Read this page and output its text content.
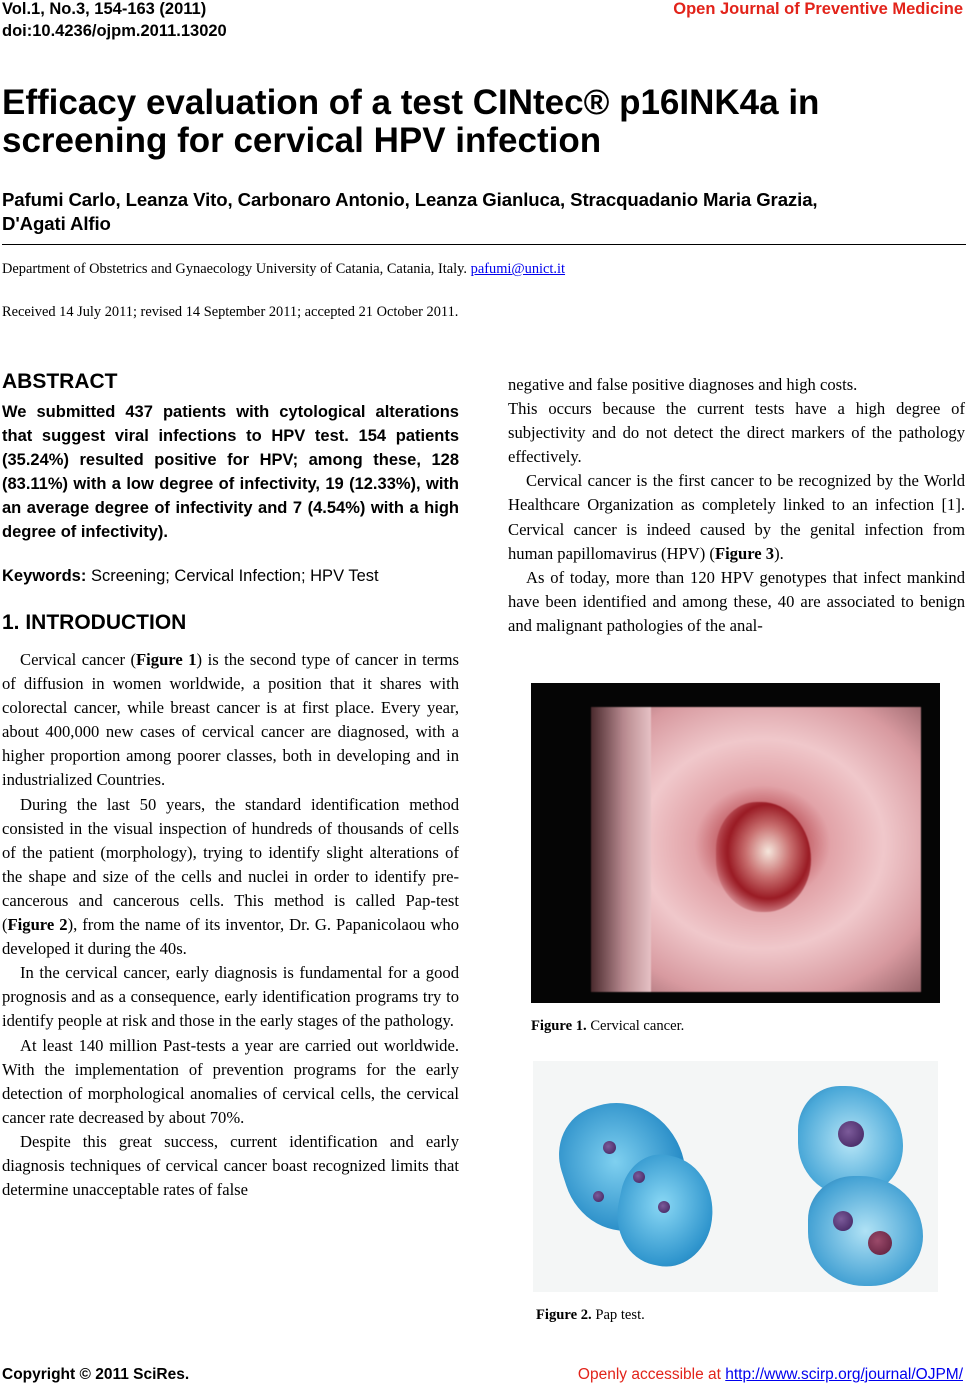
Vol.1, No.3, 154-163 (2011)
doi:10.4236/ojpm.2011.13020
Open Journal of Preventive Medicine
Efficacy evaluation of a test CINtec® p16INK4a in
screening for cervical HPV infection
Pafumi Carlo, Leanza Vito, Carbonaro Antonio, Leanza Gianluca, Stracquadanio Maria Grazia,
D'Agati Alfio
Department of Obstetrics and Gynaecology University of Catania, Catania, Italy. pafumi@unict.it
Received 14 July 2011; revised 14 September 2011; accepted 21 October 2011.
ABSTRACT

We submitted 437 patients with cytological alterations that suggest viral infections to HPV test. 154 patients (35.24%) resulted positive for HPV; among these, 128 (83.11%) with a low degree of infectivity, 19 (12.33%), with an average degree of infectivity and 7 (4.54%) with a high degree of infectivity).

Keywords: Screening; Cervical Infection; HPV Test

1. INTRODUCTION

Cervical cancer (Figure 1) is the second type of cancer in terms of diffusion in women worldwide, a position that it shares with colorectal cancer, while breast cancer is at first place. Every year, about 400,000 new cases of cervical cancer are diagnosed, with a higher proportion among poorer classes, both in developing and in industrialized Countries.

During the last 50 years, the standard identification method consisted in the visual inspection of hundreds of thousands of cells of the patient (morphology), trying to identify slight alterations of the shape and size of the cells and nuclei in order to identify pre-cancerous and cancerous cells. This method is called Pap-test (Figure 2), from the name of its inventor, Dr. G. Papanicolaou who developed it during the 40s.

In the cervical cancer, early diagnosis is fundamental for a good prognosis and as a consequence, early identification programs try to identify people at risk and those in the early stages of the pathology.

At least 140 million Past-tests a year are carried out worldwide. With the implementation of prevention programs for the early detection of morphological anomalies of cervical cells, the cervical cancer rate decreased by about 70%.

Despite this great success, current identification and early diagnosis techniques of cervical cancer boast recognized limits that determine unacceptable rates of false

negative and false positive diagnoses and high costs.

This occurs because the current tests have a high degree of subjectivity and do not detect the direct markers of the pathology effectively.

Cervical cancer is the first cancer to be recognized by the World Healthcare Organization as completely linked to an infection [1]. Cervical cancer is indeed caused by the genital infection from human papillomavirus (HPV) (Figure 3).

As of today, more than 120 HPV genotypes that infect mankind have been identified and among these, 40 are associated to benign and malignant pathologies of the anal-

Figure 1. Cervical cancer.
Figure 2. Pap test.
Copyright © 2011 SciRes.	Openly accessible at http://www.scirp.org/journal/OJPM/
